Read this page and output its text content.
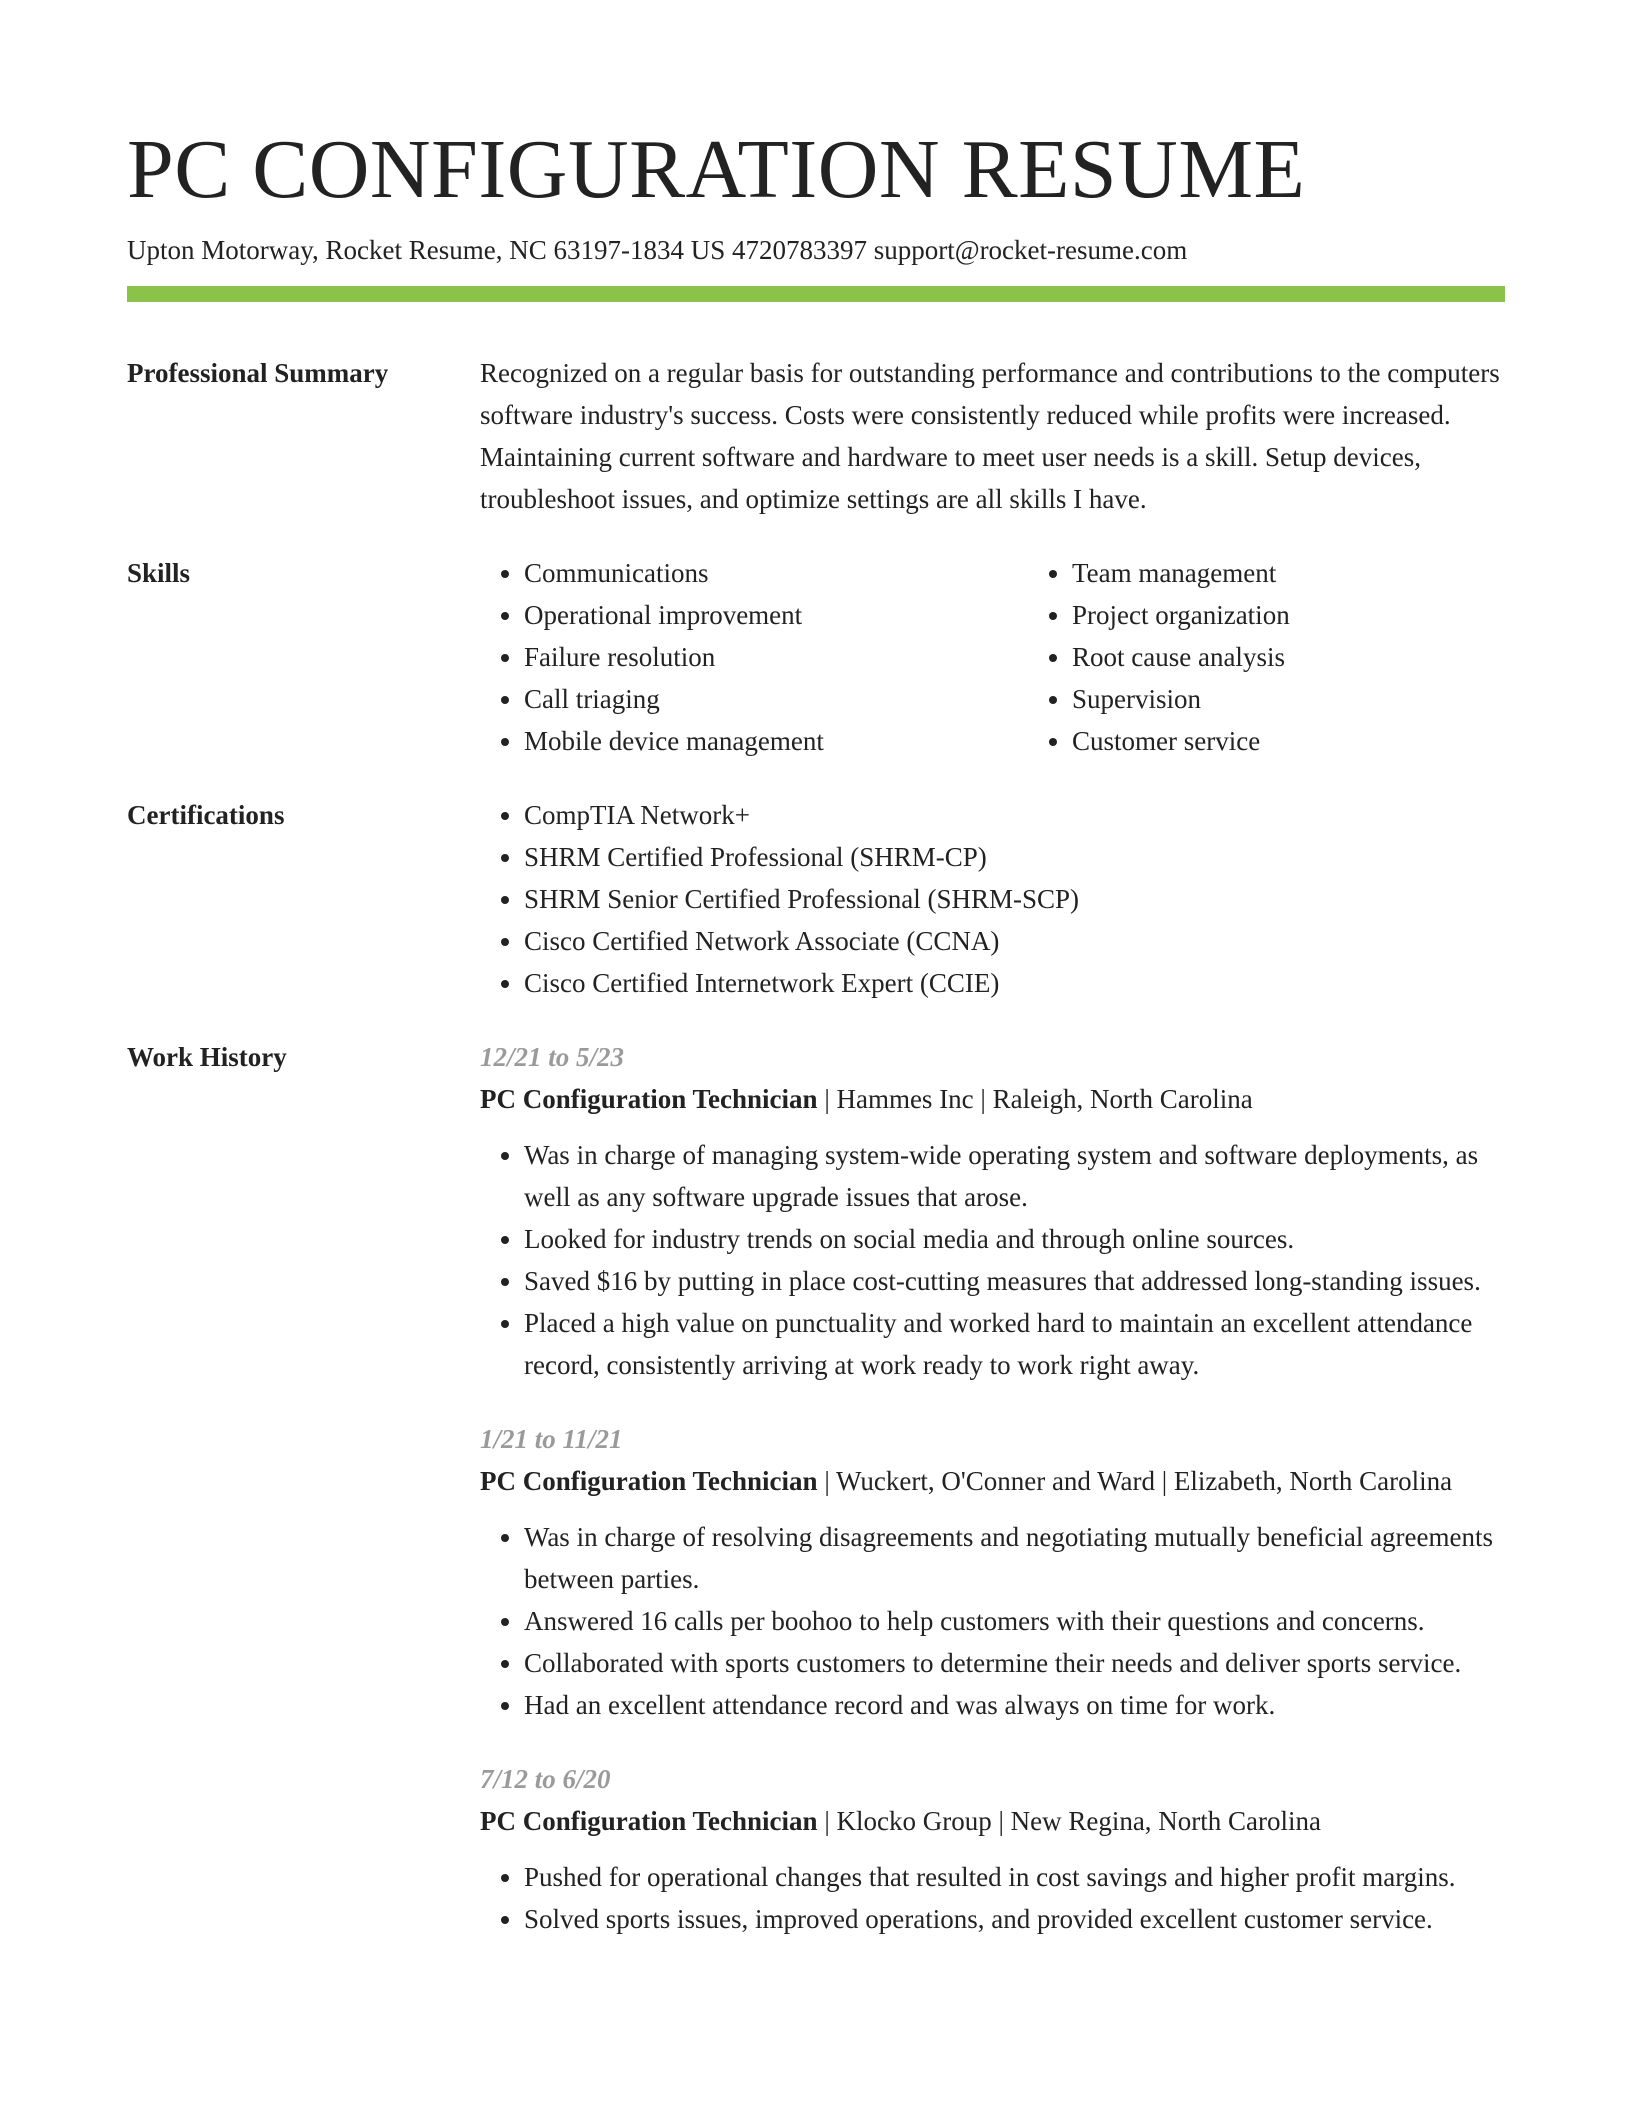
PC CONFIGURATION RESUME
Upton Motorway, Rocket Resume, NC 63197-1834 US 4720783397 support@rocket-resume.com
Professional Summary	Recognized on a regular basis for outstanding performance and contributions to the computers software industry's success. Costs were consistently reduced while profits were increased. Maintaining current software and hardware to meet user needs is a skill. Setup devices, troubleshoot issues, and optimize settings are all skills I have.

Skills	• Communications
• Operational improvement
• Failure resolution
• Call triaging
• Mobile device management
• Team management
• Project organization
• Root cause analysis
• Supervision
• Customer service
Certifications	• CompTIA Network+
• SHRM Certified Professional (SHRM-CP)
• SHRM Senior Certified Professional (SHRM-SCP)
• Cisco Certified Network Associate (CCNA)
• Cisco Certified Internetwork Expert (CCIE)
Work History	12/21 to 5/23
PC Configuration Technician | Hammes Inc | Raleigh, North Carolina
• Was in charge of managing system-wide operating system and software deployments, as well as any software upgrade issues that arose.
• Looked for industry trends on social media and through online sources.
• Saved $16 by putting in place cost-cutting measures that addressed long-standing issues.
• Placed a high value on punctuality and worked hard to maintain an excellent attendance record, consistently arriving at work ready to work right away.
1/21 to 11/21
PC Configuration Technician | Wuckert, O'Conner and Ward | Elizabeth, North Carolina
• Was in charge of resolving disagreements and negotiating mutually beneficial agreements between parties.
• Answered 16 calls per boohoo to help customers with their questions and concerns.
• Collaborated with sports customers to determine their needs and deliver sports service.
• Had an excellent attendance record and was always on time for work.
7/12 to 6/20
PC Configuration Technician | Klocko Group | New Regina, North Carolina
• Pushed for operational changes that resulted in cost savings and higher profit margins.
• Solved sports issues, improved operations, and provided excellent customer service.
